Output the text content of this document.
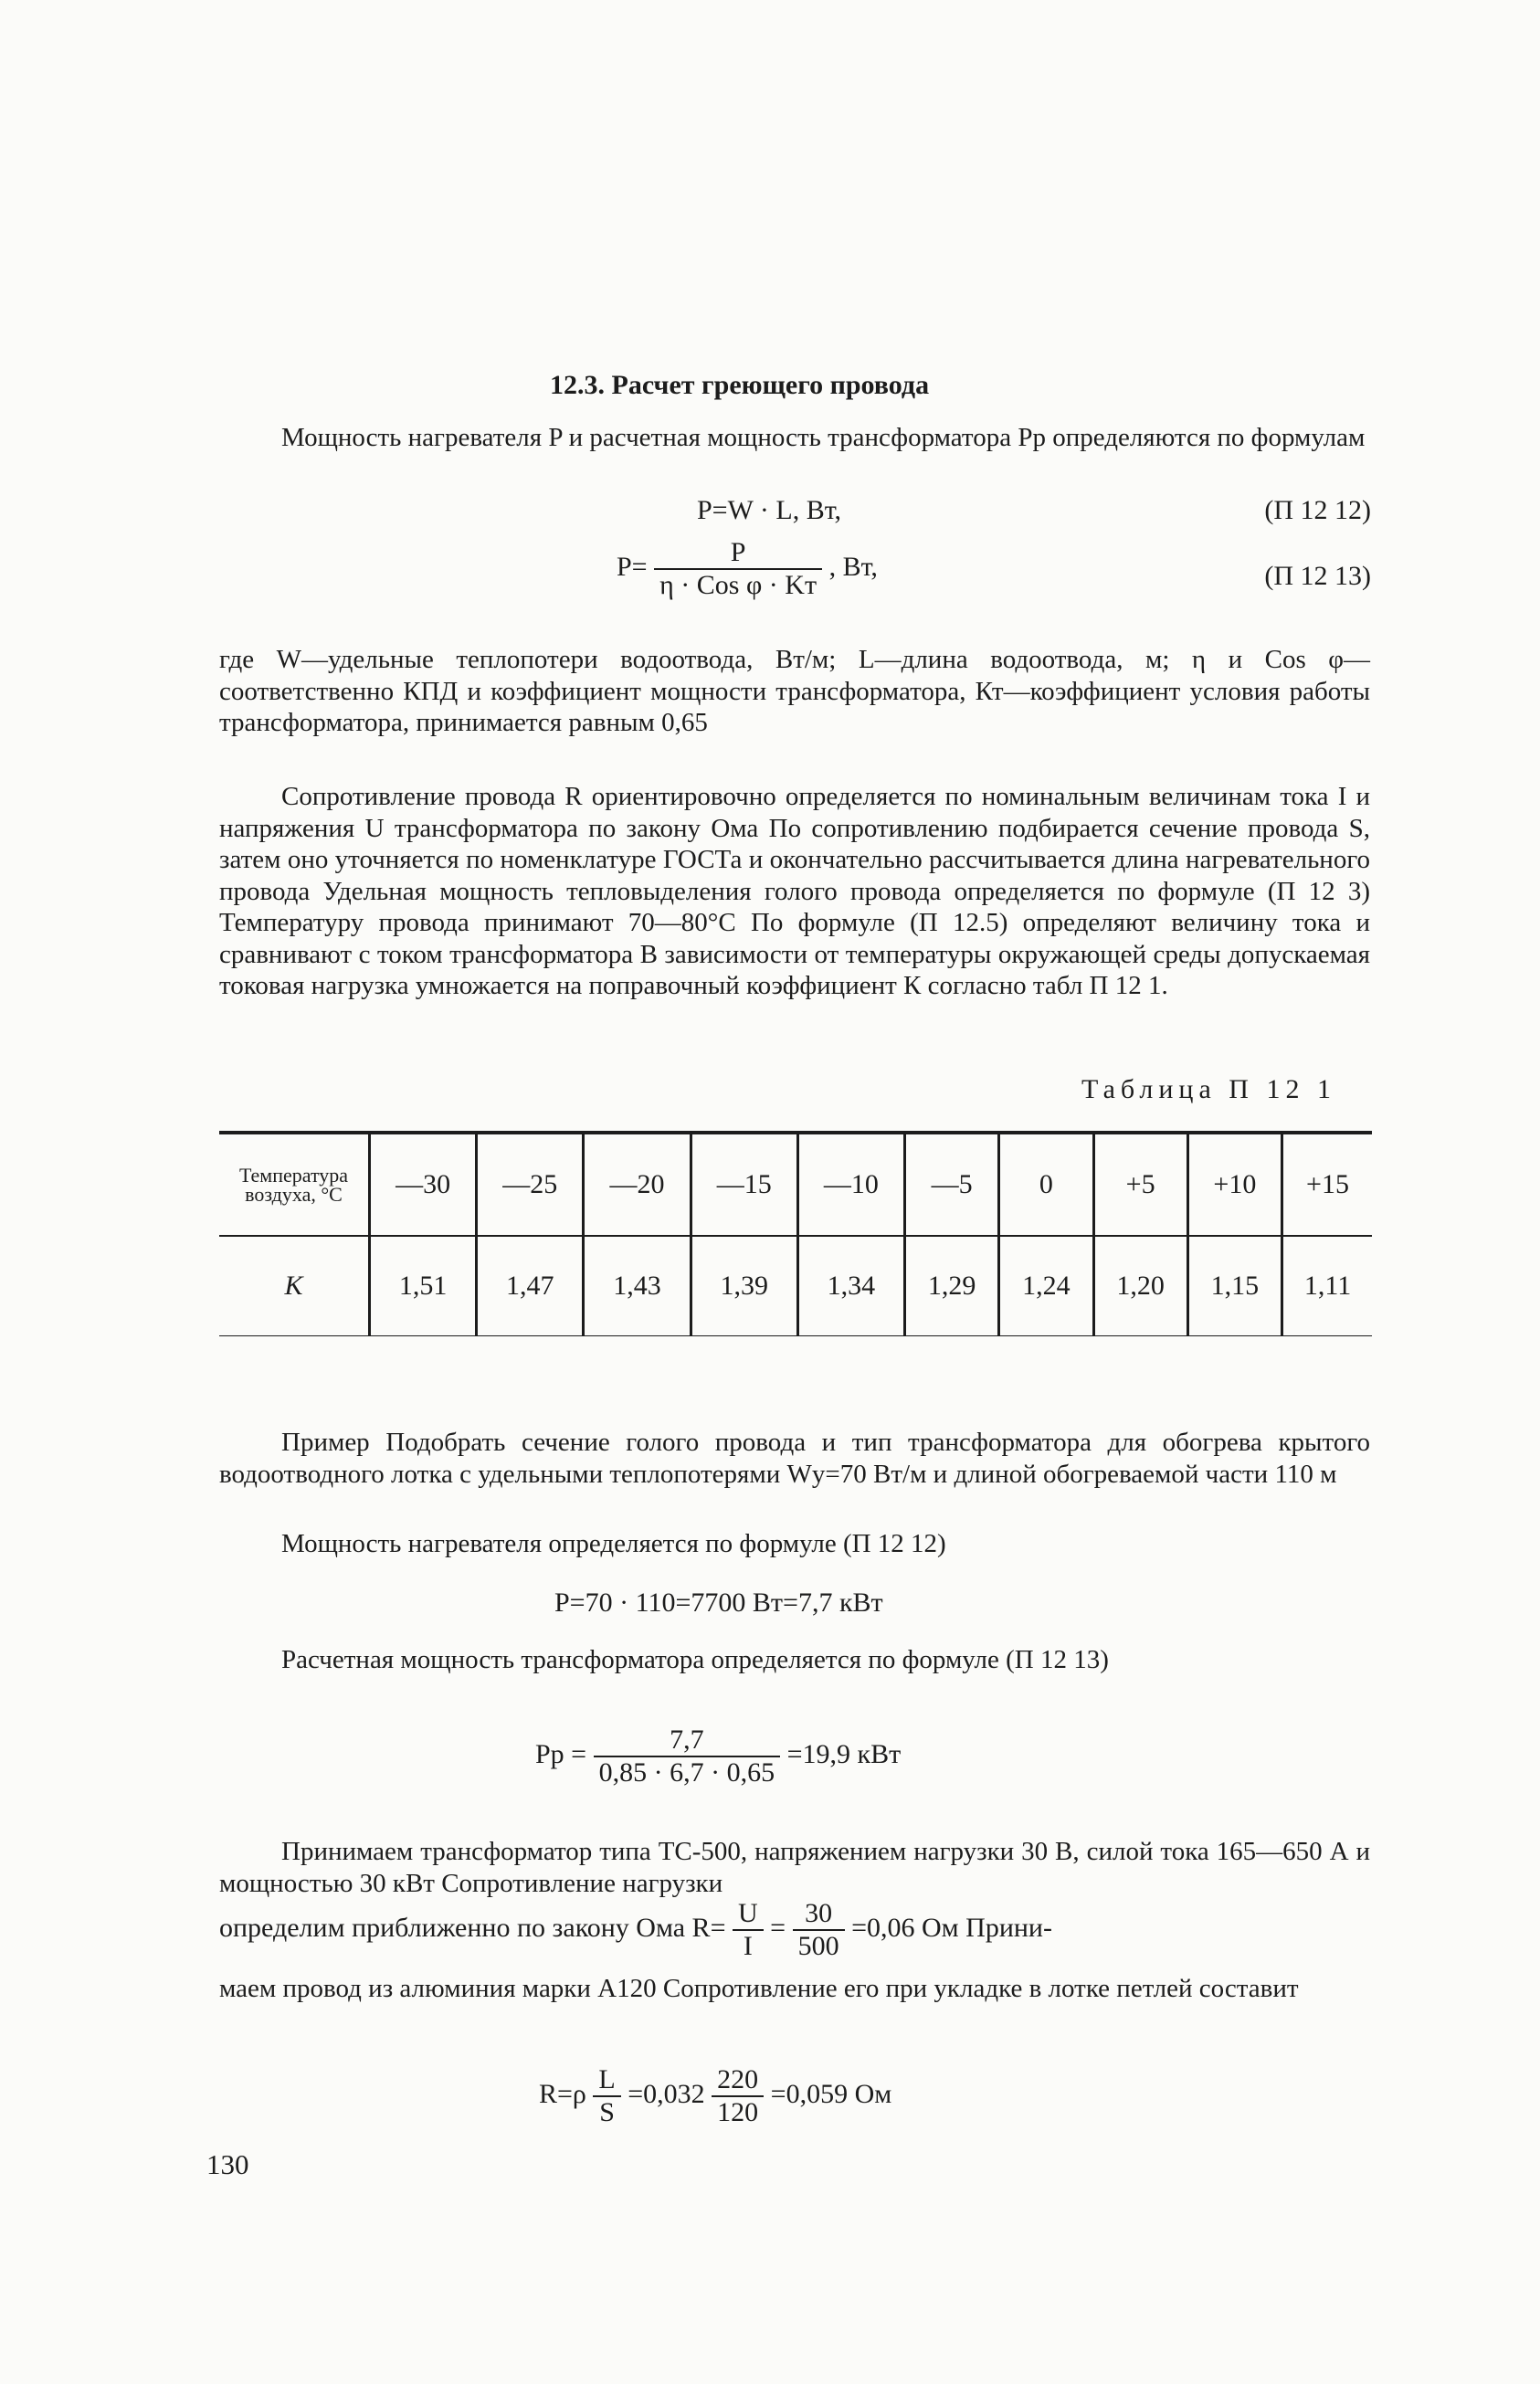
12.3. Расчет греющего провода
Мощность нагревателя P и расчетная мощность трансформатора Pр определяются по формулам
P=W · L, Вт,	(П 12 12)
$P= \frac{P}{\text{η · Cos φ · Kт}}$ , Вт,	(П 12 13)
где W—удельные теплопотери водоотвода, Вт/м; L—длина водоотвода, м; η и Cos φ—соответственно КПД и коэффициент мощности трансформатора, Кт—коэффициент условия работы трансформатора, принимается равным 0,65
Сопротивление провода R ориентировочно определяется по номинальным величинам тока I и напряжения U трансформатора по закону Ома По сопротивлению подбирается сечение провода S, затем оно уточняется по номенклатуре ГОСТа и окончательно рассчитывается длина нагревательного провода Удельная мощность тепловыделения голого провода определяется по формуле (П 12 3) Температуру провода принимают 70—80°С По формуле (П 12.5) определяют величину тока и сравнивают с током трансформатора В зависимости от температуры окружающей среды допускаемая токовая нагрузка умножается на поправочный коэффициент К согласно табл П 12 1.
Таблица П 12 1
Температура воздуха, °С	—30	—25	—20	—15	—10	—5	0	+5	+10	+15
К	1,51	1,47	1,43	1,39	1,34	1,29	1,24	1,20	1,15	1,11
Пример Подобрать сечение голого провода и тип трансформатора для обогрева крытого водоотводного лотка с удельными теплопотерями Wу=70 Вт/м и длиной обогреваемой части 110 м
Мощность нагревателя определяется по формуле (П 12 12)
P=70 · 110=7700 Вт=7,7 кВт
Расчетная мощность трансформатора определяется по формуле (П 12 13)
Pр = $\frac{7,7}{0,85 \cdot 6,7 \cdot 0,65} =19,9$ кВт
Принимаем трансформатор типа ТС-500, напряжением нагрузки 30 В, силой тока 165—650 А и мощностью 30 кВт Сопротивление нагрузки
определим приближенно по закону Ома $R= \frac{U}{I} = \frac{30}{500} =0,06$ Ом Прини-
маем провод из алюминия марки А120 Сопротивление его при укладке в лотке петлей составит
$R=\rho \frac{L}{S} =0,032 \frac{220}{120} =0,059$ Ом
130
